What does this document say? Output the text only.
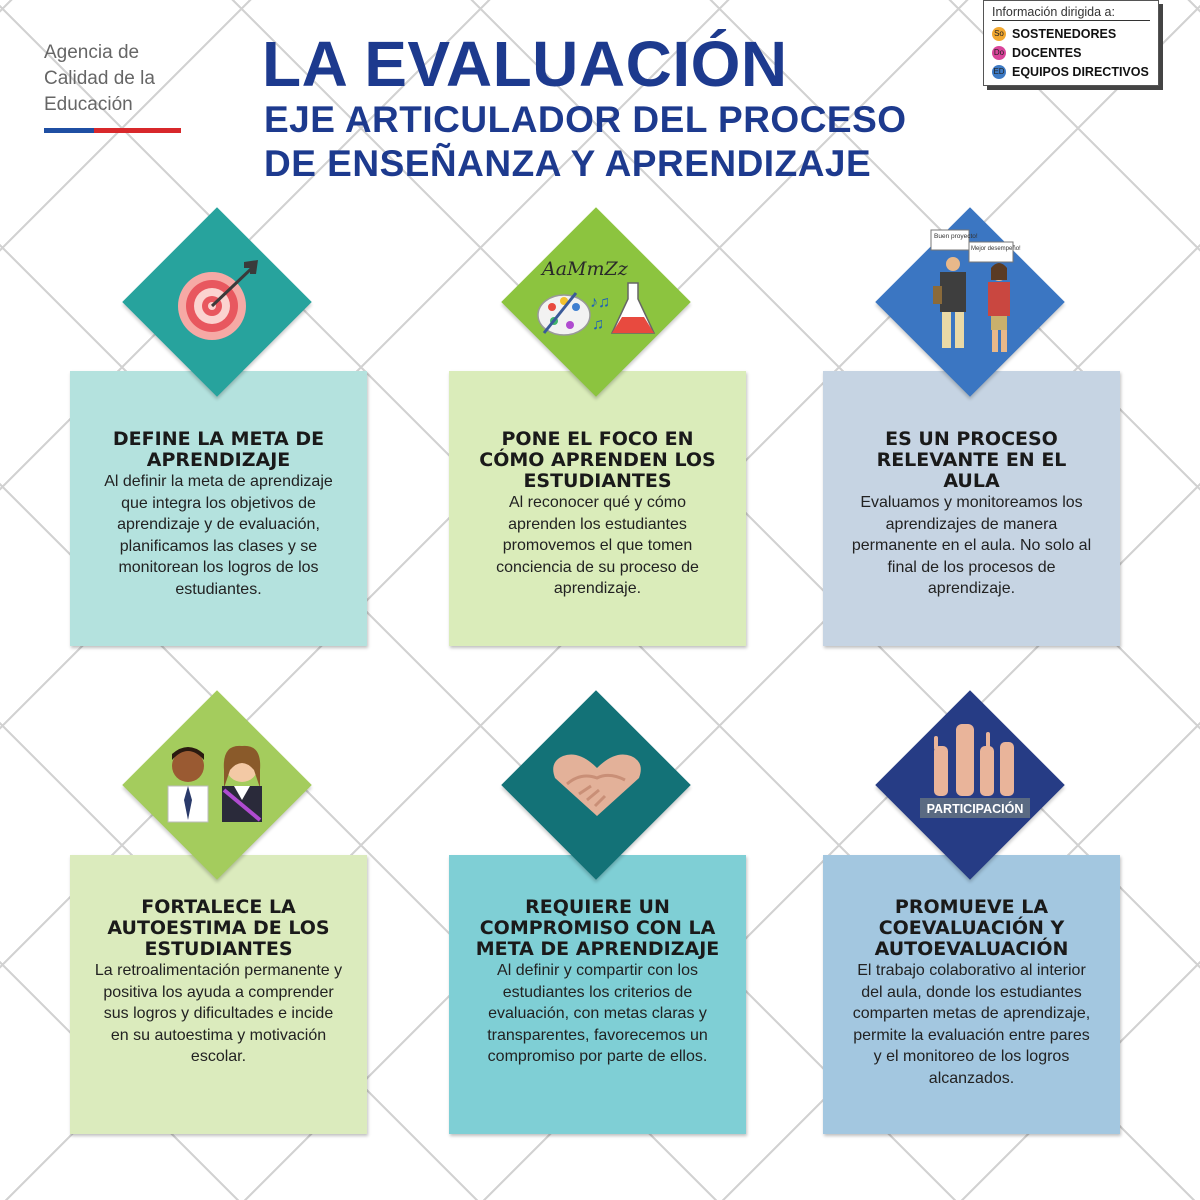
Agencia de
Calidad de la
Educación
LA EVALUACIÓN
EJE ARTICULADOR DEL PROCESO
DE ENSEÑANZA Y APRENDIZAJE
Información dirigida a:
So SOSTENEDORES
Do DOCENTES
ED EQUIPOS DIRECTIVOS
DEFINE LA META DE APRENDIZAJE

Al definir la meta de aprendizaje que integra los objetivos de aprendizaje y de evaluación, planificamos las clases y se monitorean los logros de los estudiantes.

PONE EL FOCO EN CÓMO APRENDEN LOS ESTUDIANTES

Al reconocer qué y cómo aprenden los estudiantes promovemos el que tomen conciencia de su proceso de aprendizaje.

AaMmZz
♪♫
♫
ES UN PROCESO RELEVANTE EN EL AULA

Evaluamos y monitoreamos los aprendizajes de manera permanente en el aula. No solo al final de los procesos de aprendizaje.

Buen proyecto!
Mejor desempeño!
FORTALECE LA AUTOESTIMA DE LOS ESTUDIANTES

La retroalimentación permanente y positiva los ayuda a comprender sus logros y dificultades e incide en su autoestima y motivación escolar.

REQUIERE UN COMPROMISO CON LA META DE APRENDIZAJE

Al definir y compartir con los estudiantes los criterios de evaluación, con metas claras y transparentes, favorecemos un compromiso por parte de ellos.

PROMUEVE LA COEVALUACIÓN Y AUTOEVALUACIÓN

El trabajo colaborativo al interior del aula, donde los estudiantes comparten metas de aprendizaje, permite la evaluación entre pares y el monitoreo de los logros alcanzados.

PARTICIPACIÓN
